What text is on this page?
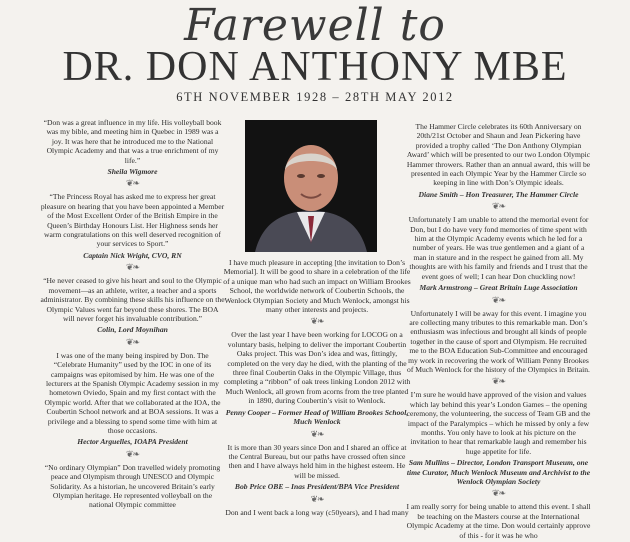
Farewell to
DR. DON ANTHONY MBE
6TH NOVEMBER 1928 – 28TH MAY 2012

“Don was a great influence in my life. His volleyball book was my bible, and meeting him in Quebec in 1989 was a joy. It was here that he introduced me to the National Olympic Academy and that was a true enrichment of my life.”

Sheila Wigmore

❦❧

“The Princess Royal has asked me to express her great pleasure on hearing that you have been appointed a Member of the Most Excellent Order of the British Empire in the Queen’s Birthday Honours List. Her Highness sends her warm congratulations on this well deserved recognition of your services to Sport.”

Captain Nick Wright, CVO, RN

❦❧

“He never ceased to give his heart and soul to the Olympic movement—as an athlete, writer, a teacher and a sports administrator. By combining these skills his influence on the Olympic Values went far beyond these shores. The BOA will never forget his invaluable contribution.”

Colin, Lord Moynihan

❦❧

I was one of the many being inspired by Don. The “Celebrate Humanity” used by the IOC in one of its campaigns was epitomised by him. He was one of the lecturers at the Spanish Olympic Academy session in my hometown Oviedo, Spain and my first contact with the Olympic world. After that we collaborated at the IOA, the Coubertin School network and at BOA sessions. It was a privilege and a blessing to spend some time with him at those occasions.

Hector Arguelles, IOAPA President

❦❧

“No ordinary Olympian” Don travelled widely promoting peace and Olympism through UNESCO and Olympic Solidarity. As a historian, he uncovered Britain’s early Olympian heritage. He represented volleyball on the national Olympic committee

I have much pleasure in accepting [the invitation to Don’s Memorial]. It will be good to share in a celebration of the life of a unique man who had such an impact on William Brookes School, the worldwide network of Coubertin Schools, the Wenlock Olympian Society and Much Wenlock, amongst his many other interests and projects.

❦❧

Over the last year I have been working for LOCOG on a voluntary basis, helping to deliver the important Coubertin Oaks project. This was Don’s idea and was, fittingly, completed on the very day he died, with the planting of the three final Coubertin Oaks in the Olympic Village, thus completing a “ribbon” of oak trees linking London 2012 with Much Wenlock, all grown from acorns from the tree planted in 1890, during Coubertin’s visit to Wenlock.

Penny Cooper – Former Head of William Brookes School, Much Wenlock

❦❧

It is more than 30 years since Don and I shared an office at the Central Bureau, but our paths have crossed often since then and I have always held him in the highest esteem. He will be missed.

Bob Price OBE – Inas President/BPA Vice President

❦❧

Don and I went back a long way (c50years), and I had many

The Hammer Circle celebrates its 60th Anniversary on 20th/21st October and Shaun and Jean Pickering have provided a trophy called ‘The Don Anthony Olympian Award’ which will be presented to our two London Olympic Hammer throwers. Rather than an annual award, this will be presented in each Olympic Year by the Hammer Circle so keeping in line with Don’s Olympic ideals.

Diane Smith – Hon Treasurer, The Hammer Circle

❦❧

Unfortunately I am unable to attend the memorial event for Don, but I do have very fond memories of time spent with him at the Olympic Academy events which he led for a number of years. He was true gentlemen and a giant of a man in stature and in the respect he gained from all. My thoughts are with his family and friends and I trust that the event goes of well; I can hear Don chuckling now!

Mark Armstrong – Great Britain Luge Association

❦❧

Unfortunately I will be away for this event. I imagine you are collecting many tributes to this remarkable man. Don’s enthusiasm was infectious and brought all kinds of people together in the cause of sport and Olympism. He recruited me to the BOA Education Sub-Committee and encouraged my work in recovering the work of William Penny Brookes of Much Wenlock for the history of the Olympics in Britain.

❦❧

I’m sure he would have approved of the vision and values which lay behind this year’s London Games – the opening ceremony, the volunteering, the success of Team GB and the impact of the Paralympics – which he missed by only a few months. You only have to look at his picture on the invitation to hear that remarkable laugh and remember his huge appetite for life.

Sam Mullins – Director, London Transport Museum, one time Curator, Much Wenlock Museum and Archivist to the Wenlock Olympian Society

❦❧

I am really sorry for being unable to attend this event. I shall be teaching on the Masters course at the International Olympic Academy at the time. Don would certainly approve of this - for it was he who
